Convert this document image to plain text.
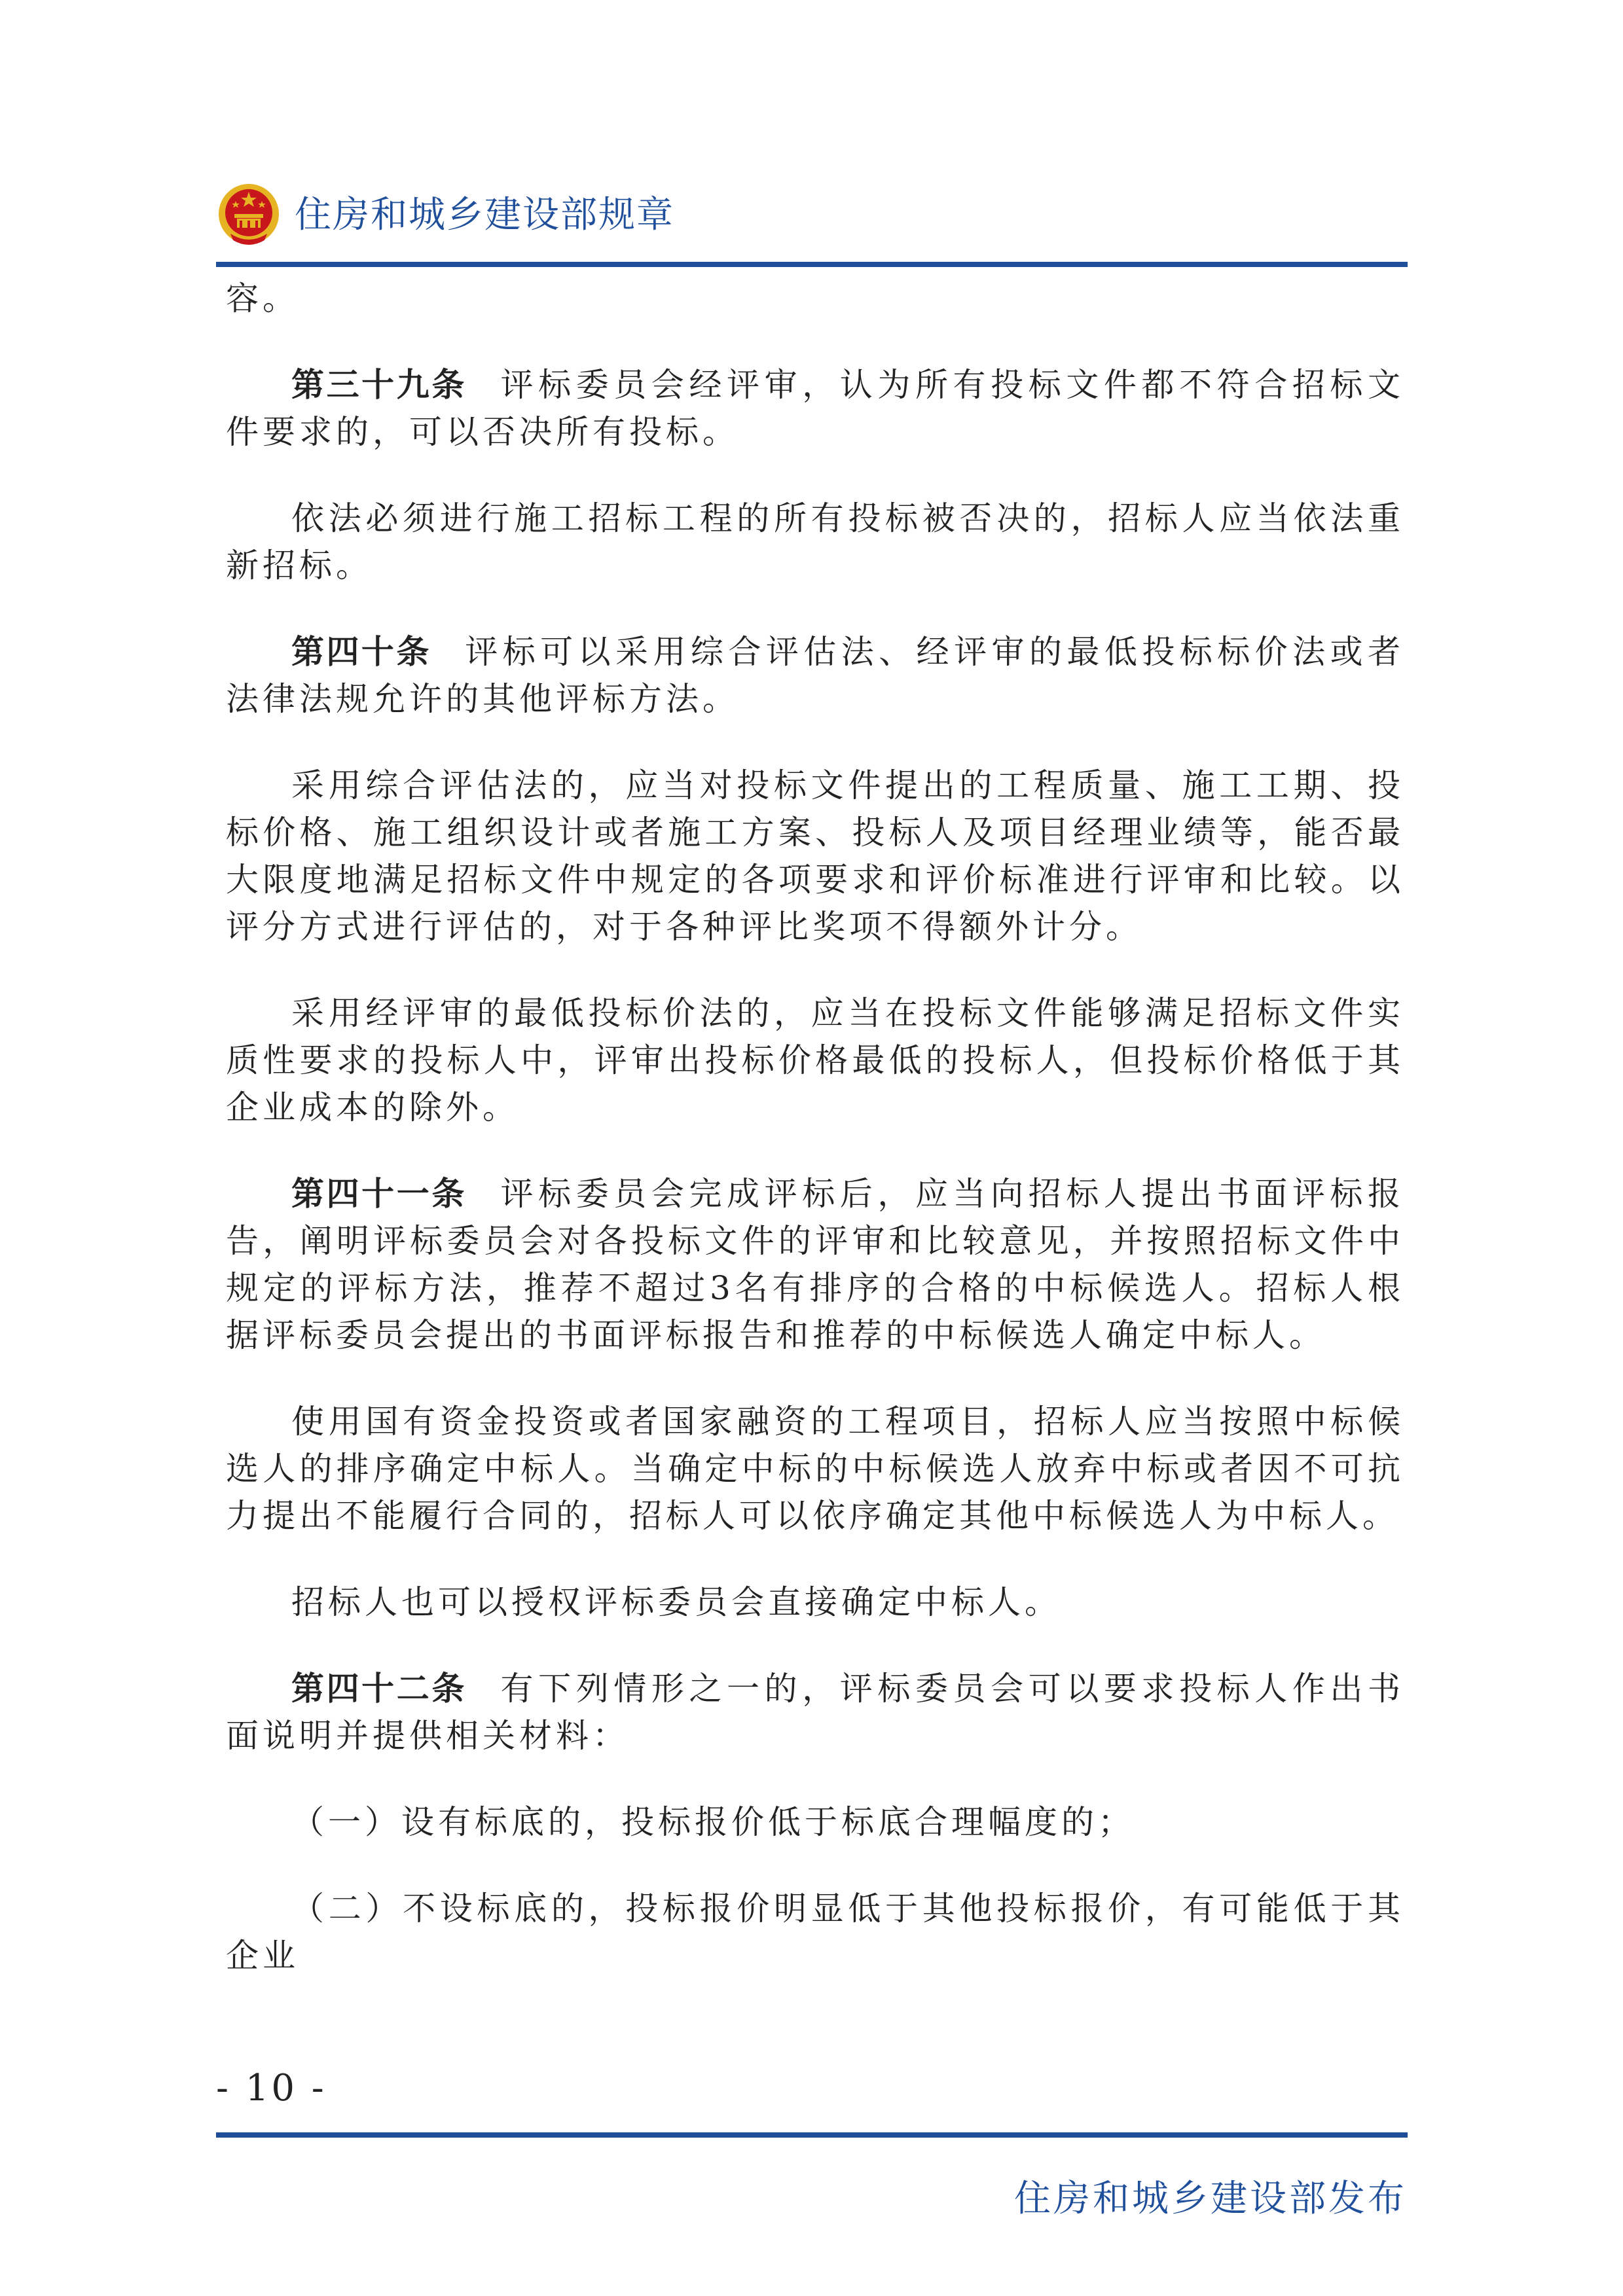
住房和城乡建设部规章

容。

第三十九条 评标委员会经评审，认为所有投标文件都不符合招标文件要求的，可以否决所有投标。

依法必须进行施工招标工程的所有投标被否决的，招标人应当依法重新招标。

第四十条 评标可以采用综合评估法、经评审的最低投标标价法或者法律法规允许的其他评标方法。

采用综合评估法的，应当对投标文件提出的工程质量、施工工期、投标价格、施工组织设计或者施工方案、投标人及项目经理业绩等，能否最大限度地满足招标文件中规定的各项要求和评价标准进行评审和比较。以评分方式进行评估的，对于各种评比奖项不得额外计分。

采用经评审的最低投标价法的，应当在投标文件能够满足招标文件实质性要求的投标人中，评审出投标价格最低的投标人，但投标价格低于其企业成本的除外。

第四十一条 评标委员会完成评标后，应当向招标人提出书面评标报告，阐明评标委员会对各投标文件的评审和比较意见，并按照招标文件中规定的评标方法，推荐不超过3名有排序的合格的中标候选人。招标人根据评标委员会提出的书面评标报告和推荐的中标候选人确定中标人。

使用国有资金投资或者国家融资的工程项目，招标人应当按照中标候选人的排序确定中标人。当确定中标的中标候选人放弃中标或者因不可抗力提出不能履行合同的，招标人可以依序确定其他中标候选人为中标人。

招标人也可以授权评标委员会直接确定中标人。

第四十二条 有下列情形之一的，评标委员会可以要求投标人作出书面说明并提供相关材料：

（一）设有标底的，投标报价低于标底合理幅度的；

（二）不设标底的，投标报价明显低于其他投标报价，有可能低于其企业

- 10 -
住房和城乡建设部发布
